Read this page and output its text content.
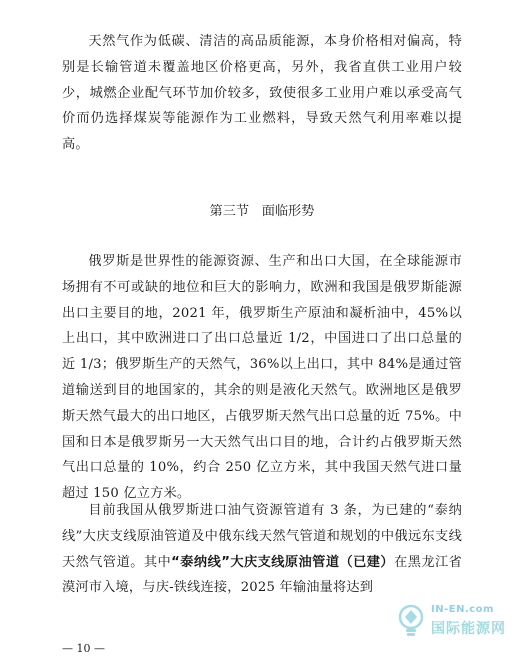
天然气作为低碳、清洁的高品质能源，本身价格相对偏高，特别是长输管道未覆盖地区价格更高，另外，我省直供工业用户较少，城燃企业配气环节加价较多，致使很多工业用户难以承受高气价而仍选择煤炭等能源作为工业燃料，导致天然气利用率难以提高。

第三节 面临形势

俄罗斯是世界性的能源资源、生产和出口大国，在全球能源市场拥有不可或缺的地位和巨大的影响力，欧洲和我国是俄罗斯能源出口主要目的地，2021 年，俄罗斯生产原油和凝析油中，45%以上出口，其中欧洲进口了出口总量近 1/2，中国进口了出口总量的近 1/3；俄罗斯生产的天然气，36%以上出口，其中 84%是通过管道输送到目的地国家的，其余的则是液化天然气。欧洲地区是俄罗斯天然气最大的出口地区，占俄罗斯天然气出口总量的近 75%。中国和日本是俄罗斯另一大天然气出口目的地，合计约占俄罗斯天然气出口总量的 10%，约合 250 亿立方米，其中我国天然气进口量超过 150 亿立方米。

目前我国从俄罗斯进口油气资源管道有 3 条，为已建的“泰纳线”大庆支线原油管道及中俄东线天然气管道和规划的中俄远东支线天然气管道。其中“泰纳线”大庆支线原油管道（已建）在黑龙江省漠河市入境，与庆-铁线连接，2025 年输油量将达到

— 10 —
IN-EN.com
国际能源网
